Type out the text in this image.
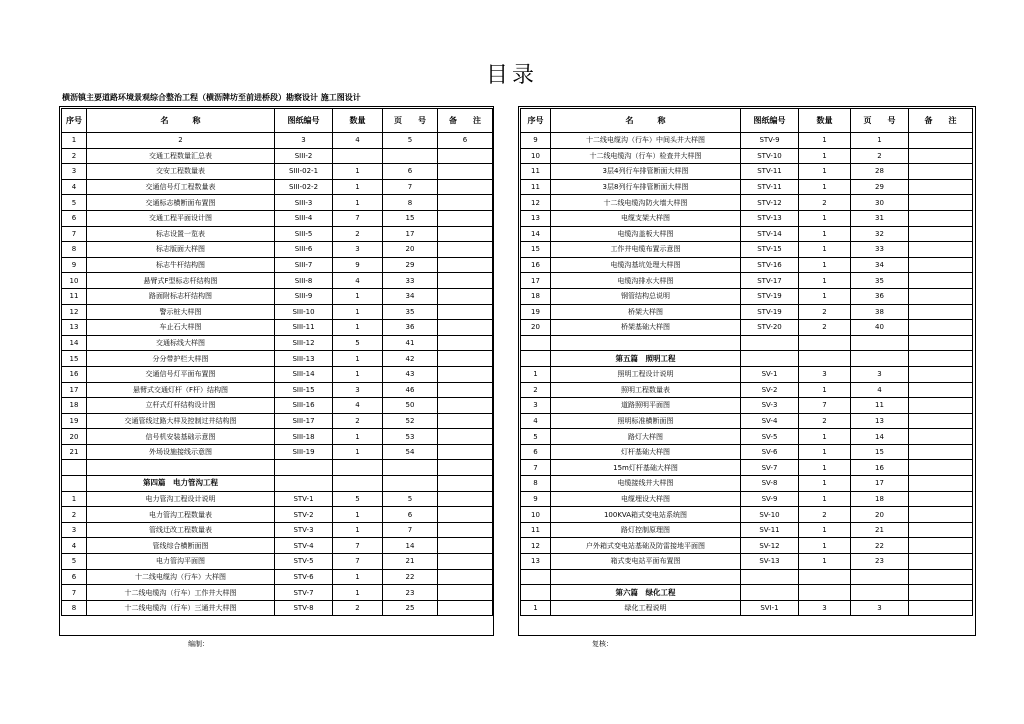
目录
横沥镇主要道路环境景观综合整治工程（横沥牌坊至前进桥段）勘察设计 施工图设计
序号	名　　　称	图纸编号	数量	页　　号	备　　注
1	2	3	4	5	6
2	交通工程数量汇总表	SIII-2			
3	交安工程数量表	SIII-02-1	1	6	
4	交通信号灯工程数量表	SIII-02-2	1	7	
5	交通标志横断面布置图	SIII-3	1	8	
6	交通工程平面设计图	SIII-4	7	15	
7	标志设置一览表	SIII-5	2	17	
8	标志版面大样图	SIII-6	3	20	
9	标志牛杆结构图	SIII-7	9	29	
10	悬臂式F型标志杆结构图	SIII-8	4	33	
11	路面附标志杆结构图	SIII-9	1	34	
12	警示桩大样图	SIII-10	1	35	
13	车止石大样图	SIII-11	1	36	
14	交通标线大样图	SIII-12	5	41	
15	分分带护栏大样图	SIII-13	1	42	
16	交通信号灯平面布置图	SIII-14	1	43	
17	悬臂式交通灯杆（F杆）结构图	SIII-15	3	46	
18	立杆式灯杆结构设计图	SIII-16	4	50	
19	交通管线过路大样及控制过井结构图	SIII-17	2	52	
20	信号机安装基础示意图	SIII-18	1	53	
21	外场设施接线示意图	SIII-19	1	54	

	第四篇　电力管沟工程				
1	电力管沟工程设计说明	STV-1	5	5	
2	电力管沟工程数量表	STV-2	1	6	
3	管线迁改工程数量表	STV-3	1	7	
4	管线综合横断面图	STV-4	7	14	
5	电力管沟平面图	STV-5	7	21	
6	十二线电缆沟（行车）大样图	STV-6	1	22	
7	十二线电缆沟（行车）工作井大样图	STV-7	1	23	
8	十二线电缆沟（行车）三通井大样图	STV-8	2	25	
序号	名　　　称	图纸编号	数量	页　　号	备　　注
9	十二线电缆沟（行车）中间头井大样图	STV-9	1	1	
10	十二线电缆沟（行车）检查井大样图	STV-10	1	2	
11	3层4列行车排管断面大样图	STV-11	1	28	
11	3层8列行车排管断面大样图	STV-11	1	29	
12	十二线电缆沟防火墙大样图	STV-12	2	30	
13	电缆支架大样图	STV-13	1	31	
14	电缆沟盖板大样图	STV-14	1	32	
15	工作井电缆布置示意图	STV-15	1	33	
16	电缆沟基坑处理大样图	STV-16	1	34	
17	电缆沟排水大样图	STV-17	1	35	
18	钢管结构总说明	STV-19	1	36	
19	桥架大样图	STV-19	2	38	
20	桥架基础大样图	STV-20	2	40	

	第五篇　照明工程				
1	照明工程设计说明	SV-1	3	3	
2	照明工程数量表	SV-2	1	4	
3	道路照明平面图	SV-3	7	11	
4	照明标准横断面图	SV-4	2	13	
5	路灯大样图	SV-5	1	14	
6	灯杆基础大样图	SV-6	1	15	
7	15m灯杆基础大样图	SV-7	1	16	
8	电缆接线井大样图	SV-8	1	17	
9	电缆埋设大样图	SV-9	1	18	
10	100KVA箱式变电站系统图	SV-10	2	20	
11	路灯控制原理图	SV-11	1	21	
12	户外箱式变电站基础及防雷接地平面图	SV-12	1	22	
13	箱式变电站平面布置图	SV-13	1	23	

	第六篇　绿化工程				
1	绿化工程说明	SVI-1	3	3	
编制：	复核：
